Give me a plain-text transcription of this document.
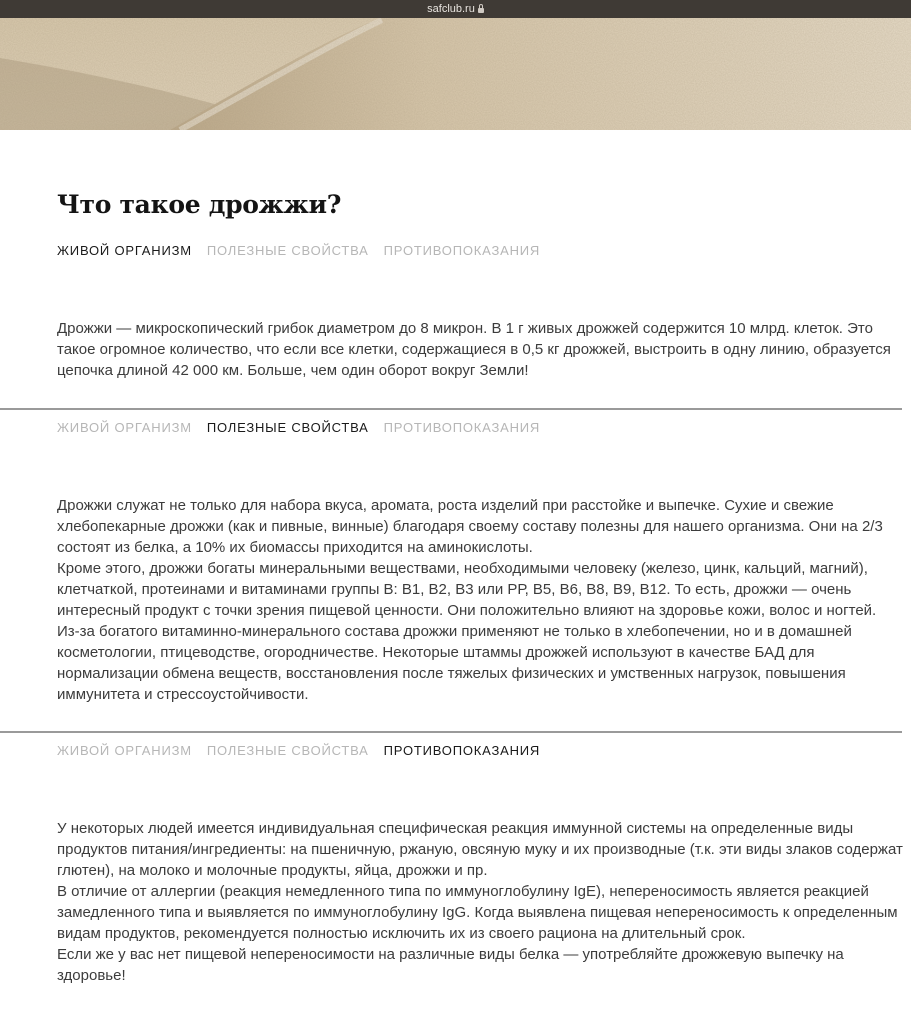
safclub.ru
Что такое дрожжи?
ЖИВОЙ ОРГАНИЗМ ПОЛЕЗНЫЕ СВОЙСТВА ПРОТИВОПОКАЗАНИЯ

Дрожжи — микроскопический грибок диаметром до 8 микрон. В 1 г живых дрожжей содержится 10 млрд. клеток. Это такое огромное количество, что если все клетки, содержащиеся в 0,5 кг дрожжей, выстроить в одну линию, образуется цепочка длиной 42 000 км. Больше, чем один оборот вокруг Земли!

ЖИВОЙ ОРГАНИЗМ ПОЛЕЗНЫЕ СВОЙСТВА ПРОТИВОПОКАЗАНИЯ

Дрожжи служат не только для набора вкуса, аромата, роста изделий при расстойке и выпечке. Сухие и свежие хлебопекарные дрожжи (как и пивные, винные) благодаря своему составу полезны для нашего организма. Они на 2/3 состоят из белка, а 10% их биомассы приходится на аминокислоты.

Кроме этого, дрожжи богаты минеральными веществами, необходимыми человеку (железо, цинк, кальций, магний), клетчаткой, протеинами и витаминами группы В: В1, В2, В3 или РР, В5, В6, В8, В9, В12. То есть, дрожжи — очень интересный продукт с точки зрения пищевой ценности. Они положительно влияют на здоровье кожи, волос и ногтей.

Из-за богатого витаминно-минерального состава дрожжи применяют не только в хлебопечении, но и в домашней косметологии, птицеводстве, огородничестве. Некоторые штаммы дрожжей используют в качестве БАД для нормализации обмена веществ, восстановления после тяжелых физических и умственных нагрузок, повышения иммунитета и стрессоустойчивости.

ЖИВОЙ ОРГАНИЗМ ПОЛЕЗНЫЕ СВОЙСТВА ПРОТИВОПОКАЗАНИЯ

У некоторых людей имеется индивидуальная специфическая реакция иммунной системы на определенные виды продуктов питания/ингредиенты: на пшеничную, ржаную, овсяную муку и их производные (т.к. эти виды злаков содержат глютен), на молоко и молочные продукты, яйца, дрожжи и пр.

В отличие от аллергии (реакция немедленного типа по иммуноглобулину IgE), непереносимость является реакцией замедленного типа и выявляется по иммуноглобулину IgG. Когда выявлена пищевая непереносимость к определенным видам продуктов, рекомендуется полностью исключить их из своего рациона на длительный срок.

Если же у вас нет пищевой непереносимости на различные виды белка — употребляйте дрожжевую выпечку на здоровье!
